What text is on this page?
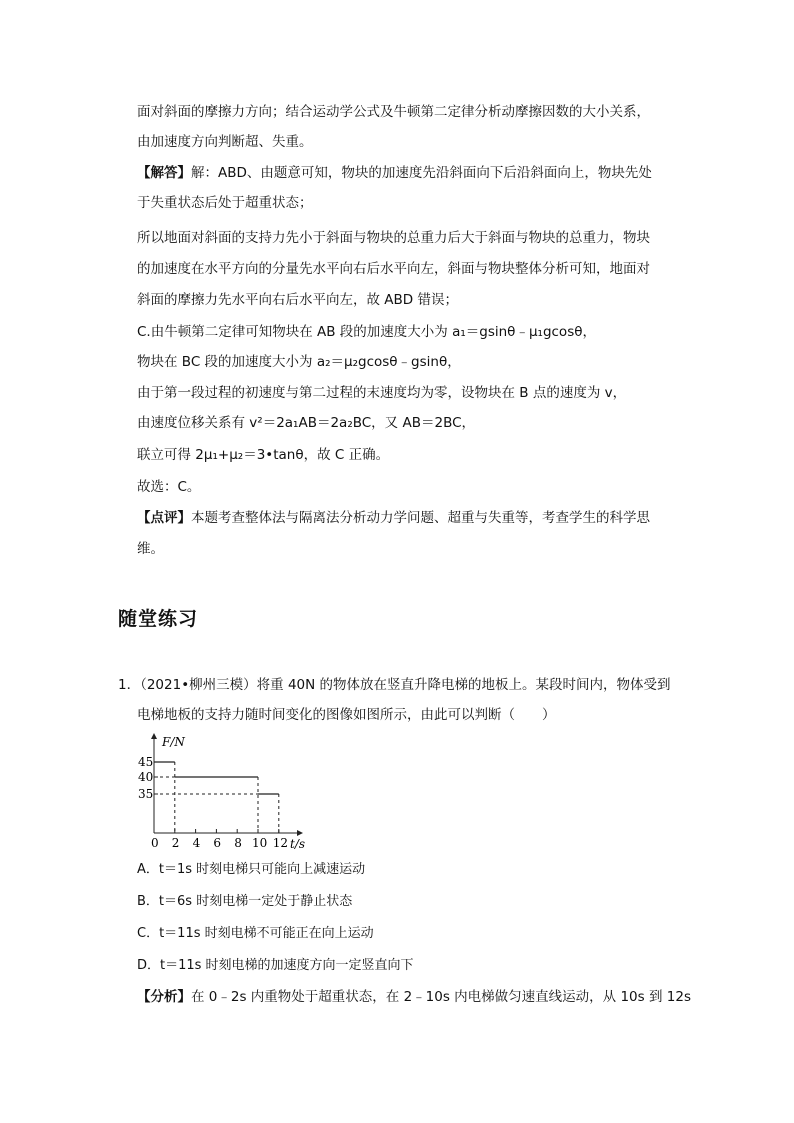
面对斜面的摩擦力方向；结合运动学公式及牛顿第二定律分析动摩擦因数的大小关系，
由加速度方向判断超、失重。
【解答】解：ABD、由题意可知，物块的加速度先沿斜面向下后沿斜面向上，物块先处
于失重状态后处于超重状态；
所以地面对斜面的支持力先小于斜面与物块的总重力后大于斜面与物块的总重力，物块
的加速度在水平方向的分量先水平向右后水平向左，斜面与物块整体分析可知，地面对
斜面的摩擦力先水平向右后水平向左，故 ABD 错误；
C.由牛顿第二定律可知物块在 AB 段的加速度大小为 a₁＝gsinθ﹣μ₁gcosθ，
物块在 BC 段的加速度大小为 a₂＝μ₂gcosθ﹣gsinθ，
由于第一段过程的初速度与第二过程的末速度均为零，设物块在 B 点的速度为 v，
由速度位移关系有 v²＝2a₁AB＝2a₂BC，又 AB＝2BC，
联立可得 2μ₁+μ₂＝3•tanθ，故 C 正确。
故选：C。
【点评】本题考查整体法与隔离法分析动力学问题、超重与失重等，考查学生的科学思
维。
随堂练习
1．（2021•柳州三模）将重 40N 的物体放在竖直升降电梯的地板上。某段时间内，物体受到
电梯地板的支持力随时间变化的图像如图所示，由此可以判断（　　）
F/N
t/s
0 2 4 6 8 10 12
35
40
45
A．t＝1s 时刻电梯只可能向上减速运动
B．t＝6s 时刻电梯一定处于静止状态
C．t＝11s 时刻电梯不可能正在向上运动
D．t＝11s 时刻电梯的加速度方向一定竖直向下
【分析】在 0﹣2s 内重物处于超重状态，在 2﹣10s 内电梯做匀速直线运动，从 10s 到 12s
